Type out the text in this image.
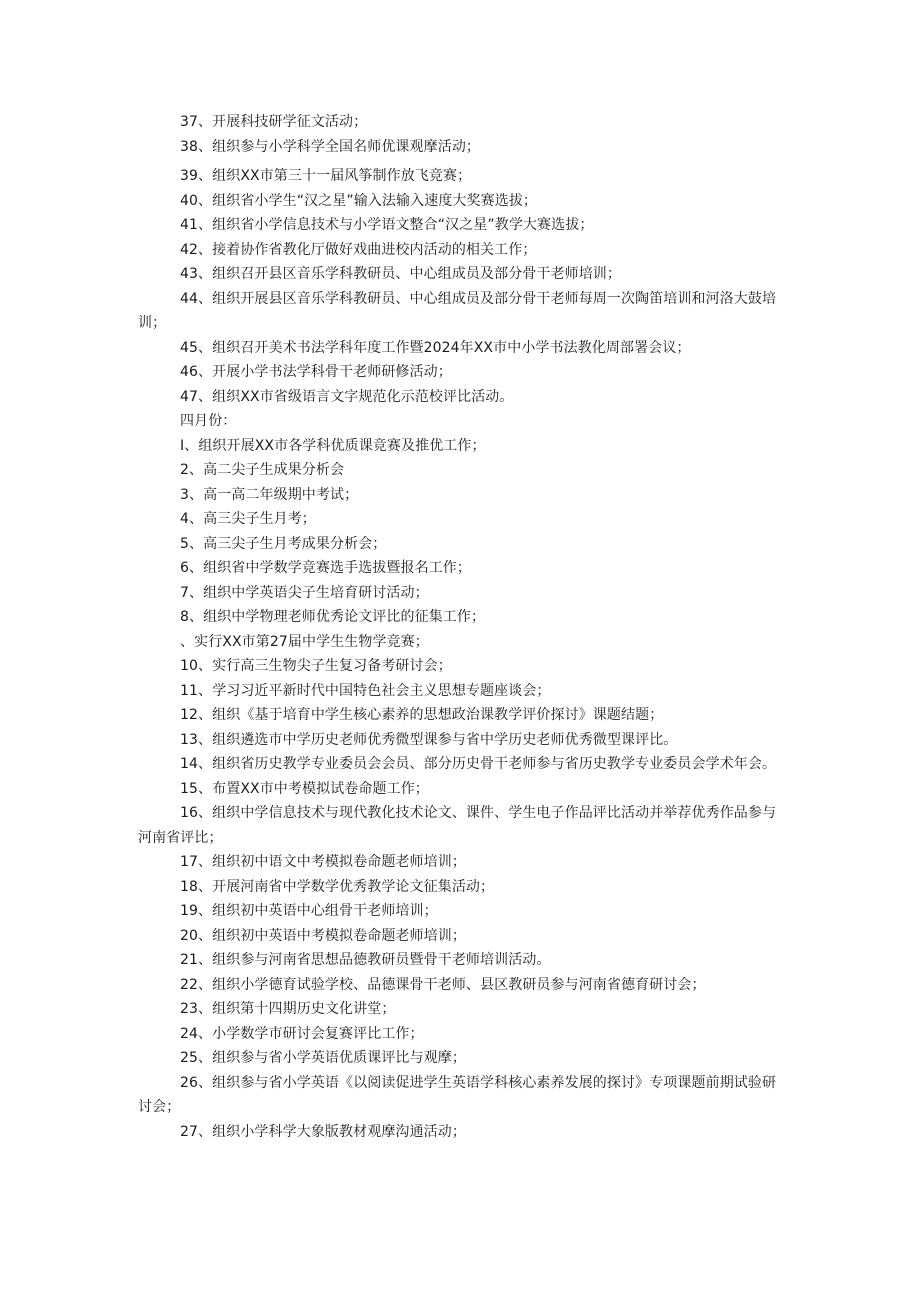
37、开展科技研学征文活动；

38、组织参与小学科学全国名师优课观摩活动；

39、组织XX市第三十一届风筝制作放飞竞赛；

40、组织省小学生“汉之星”输入法输入速度大奖赛选拔；

41、组织省小学信息技术与小学语文整合“汉之星”教学大赛选拔；

42、接着协作省教化厅做好戏曲进校内活动的相关工作；

43、组织召开县区音乐学科教研员、中心组成员及部分骨干老师培训；

44、组织开展县区音乐学科教研员、中心组成员及部分骨干老师每周一次陶笛培训和河洛大鼓培训；

45、组织召开美术书法学科年度工作暨2024年XX市中小学书法教化周部署会议；

46、开展小学书法学科骨干老师研修活动；

47、组织XX市省级语言文字规范化示范校评比活动。

四月份：

I、组织开展XX市各学科优质课竞赛及推优工作；

2、高二尖子生成果分析会

3、高一高二年级期中考试；

4、高三尖子生月考；

5、高三尖子生月考成果分析会；

6、组织省中学数学竞赛选手选拔暨报名工作；

7、组织中学英语尖子生培育研讨活动；

8、组织中学物理老师优秀论文评比的征集工作；

、实行XX市第27届中学生生物学竞赛；

10、实行高三生物尖子生复习备考研讨会；

11、学习习近平新时代中国特色社会主义思想专题座谈会；

12、组织《基于培育中学生核心素养的思想政治课教学评价探讨》课题结题；

13、组织遴选市中学历史老师优秀微型课参与省中学历史老师优秀微型课评比。

14、组织省历史教学专业委员会会员、部分历史骨干老师参与省历史教学专业委员会学术年会。

15、布置XX市中考模拟试卷命题工作；

16、组织中学信息技术与现代教化技术论文、课件、学生电子作品评比活动并举荐优秀作品参与河南省评比；

17、组织初中语文中考模拟卷命题老师培训；

18、开展河南省中学数学优秀教学论文征集活动；

19、组织初中英语中心组骨干老师培训；

20、组织初中英语中考模拟卷命题老师培训；

21、组织参与河南省思想品德教研员暨骨干老师培训活动。

22、组织小学德育试验学校、品德课骨干老师、县区教研员参与河南省德育研讨会；

23、组织第十四期历史文化讲堂；

24、小学数学市研讨会复赛评比工作；

25、组织参与省小学英语优质课评比与观摩；

26、组织参与省小学英语《以阅读促进学生英语学科核心素养发展的探讨》专项课题前期试验研讨会；

27、组织小学科学大象版教材观摩沟通活动；
